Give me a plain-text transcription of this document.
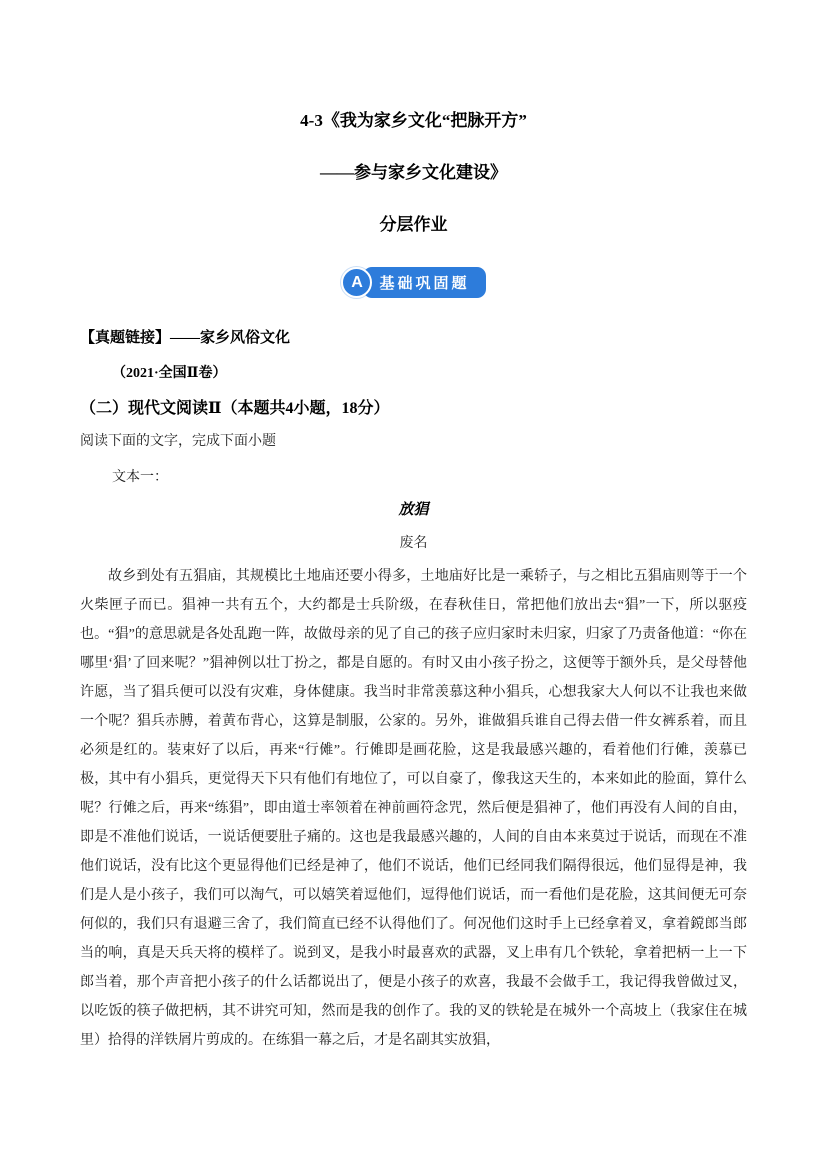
4-3《我为家乡文化“把脉开方”
——参与家乡文化建设》
分层作业
A	基础巩固题
【真题链接】——家乡风俗文化
（2021·全国Ⅱ卷）
（二）现代文阅读Ⅱ（本题共4小题，18分）
阅读下面的文字，完成下面小题
文本一：
放猖
废名

故乡到处有五猖庙，其规模比土地庙还要小得多，土地庙好比是一乘轿子，与之相比五猖庙则等于一个火柴匣子而已。猖神一共有五个，大约都是士兵阶级，在春秋佳日，常把他们放出去“猖”一下，所以驱疫也。“猖”的意思就是各处乱跑一阵，故做母亲的见了自己的孩子应归家时未归家，归家了乃责备他道：“你在哪里‘猖’了回来呢？”猖神例以壮丁扮之，都是自愿的。有时又由小孩子扮之，这便等于额外兵，是父母替他许愿，当了猖兵便可以没有灾难，身体健康。我当时非常羡慕这种小猖兵，心想我家大人何以不让我也来做一个呢？猖兵赤膊，着黄布背心，这算是制服，公家的。另外，谁做猖兵谁自己得去借一件女裤系着，而且必须是红的。装束好了以后，再来“行傩”。行傩即是画花脸，这是我最感兴趣的，看着他们行傩，羡慕已极，其中有小猖兵，更觉得天下只有他们有地位了，可以自豪了，像我这天生的，本来如此的脸面，算什么呢？行傩之后，再来“练猖”，即由道士率领着在神前画符念咒，然后便是猖神了，他们再没有人间的自由，即是不准他们说话，一说话便要肚子痛的。这也是我最感兴趣的，人间的自由本来莫过于说话，而现在不准他们说话，没有比这个更显得他们已经是神了，他们不说话，他们已经同我们隔得很远，他们显得是神，我们是人是小孩子，我们可以淘气，可以嬉笑着逗他们，逗得他们说话，而一看他们是花脸，这其间便无可奈何似的，我们只有退避三舍了，我们简直已经不认得他们了。何况他们这时手上已经拿着叉，拿着鎲郎当郎当的响，真是天兵天将的模样了。说到叉，是我小时最喜欢的武器，叉上串有几个铁轮，拿着把柄一上一下郎当着，那个声音把小孩子的什么话都说出了，便是小孩子的欢喜，我最不会做手工，我记得我曾做过叉，以吃饭的筷子做把柄，其不讲究可知，然而是我的创作了。我的叉的铁轮是在城外一个高坡上（我家住在城里）拾得的洋铁屑片剪成的。在练猖一幕之后，才是名副其实放猖，
